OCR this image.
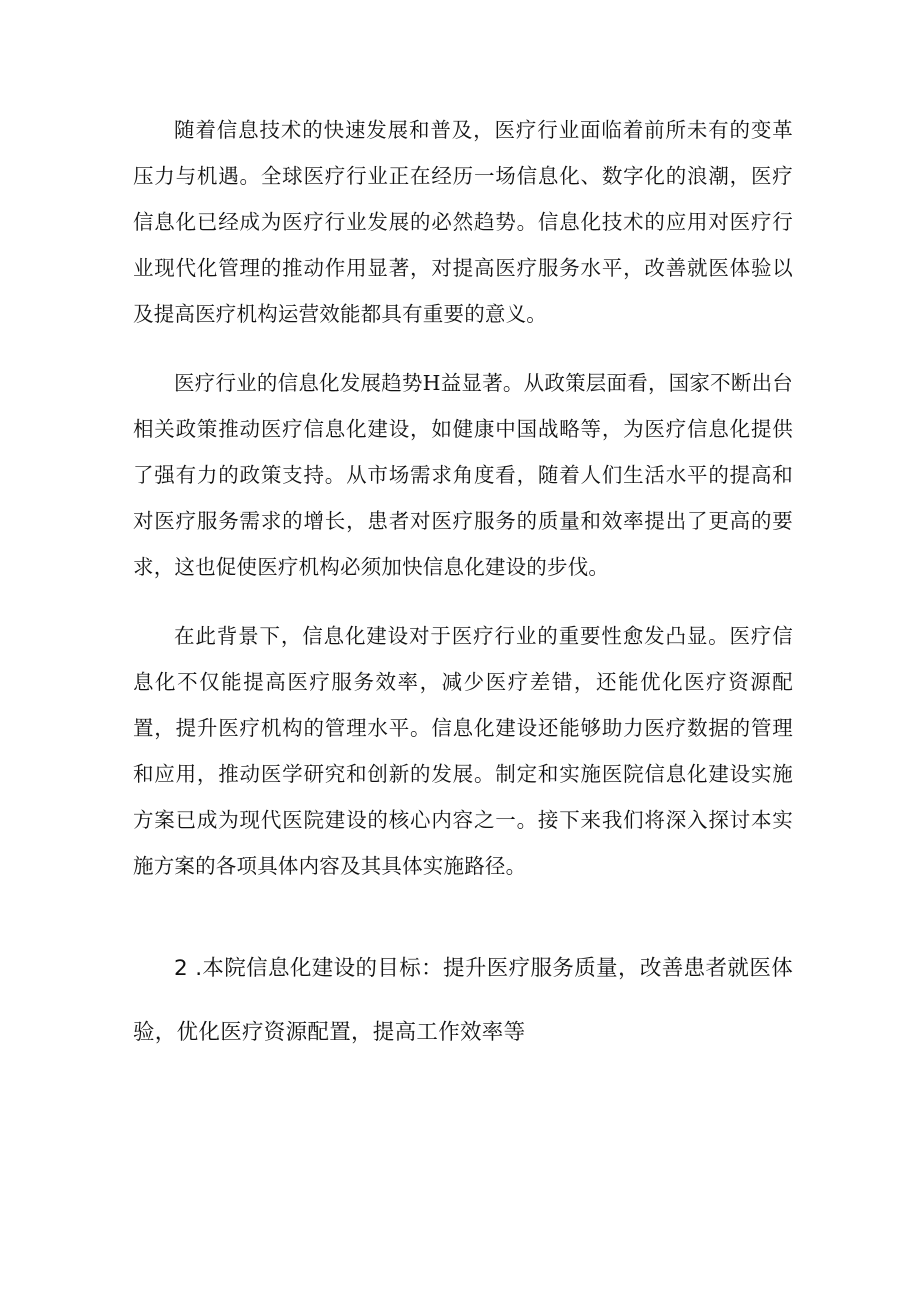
随着信息技术的快速发展和普及，医疗行业面临着前所未有的变革压力与机遇。全球医疗行业正在经历一场信息化、数字化的浪潮，医疗信息化已经成为医疗行业发展的必然趋势。信息化技术的应用对医疗行业现代化管理的推动作用显著，对提高医疗服务水平，改善就医体验以及提高医疗机构运营效能都具有重要的意义。

医疗行业的信息化发展趋势H益显著。从政策层面看，国家不断出台相关政策推动医疗信息化建设，如健康中国战略等，为医疗信息化提供了强有力的政策支持。从市场需求角度看，随着人们生活水平的提高和对医疗服务需求的增长，患者对医疗服务的质量和效率提出了更高的要求，这也促使医疗机构必须加快信息化建设的步伐。

在此背景下，信息化建设对于医疗行业的重要性愈发凸显。医疗信息化不仅能提高医疗服务效率，减少医疗差错，还能优化医疗资源配置，提升医疗机构的管理水平。信息化建设还能够助力医疗数据的管理和应用，推动医学研究和创新的发展。制定和实施医院信息化建设实施方案已成为现代医院建设的核心内容之一。接下来我们将深入探讨本实施方案的各项具体内容及其具体实施路径。

2 .本院信息化建设的目标：提升医疗服务质量，改善患者就医体验，优化医疗资源配置，提高工作效率等
